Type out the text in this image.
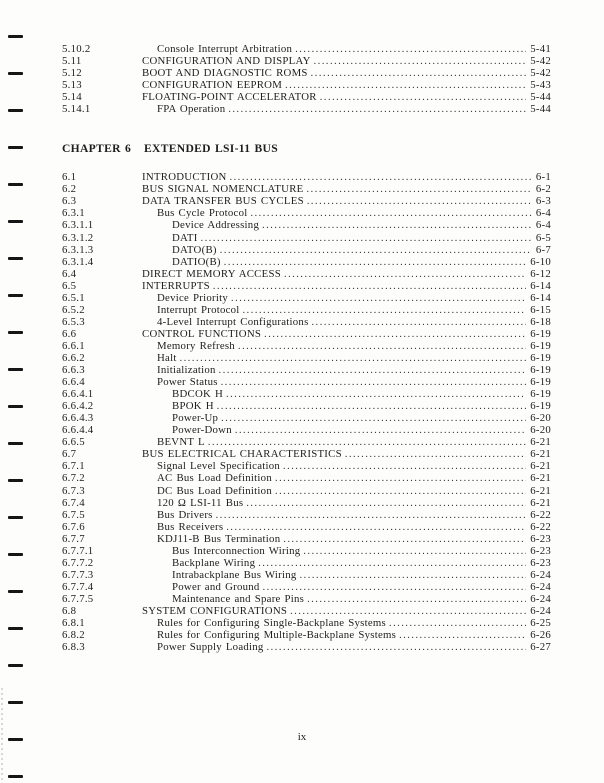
5.10.2	Console Interrupt Arbitration .....	5-41
5.11	CONFIGURATION AND DISPLAY .....	5-42
5.12	BOOT AND DIAGNOSTIC ROMS .....	5-42
5.13	CONFIGURATION EEPROM .....	5-43
5.14	FLOATING-POINT ACCELERATOR .....	5-44
5.14.1	FPA Operation .....	5-44
CHAPTER 6	EXTENDED LSI-11 BUS
6.1	INTRODUCTION .....	6-1
6.2	BUS SIGNAL NOMENCLATURE .....	6-2
6.3	DATA TRANSFER BUS CYCLES .....	6-3
6.3.1	Bus Cycle Protocol .....	6-4
6.3.1.1	Device Addressing .....	6-4
6.3.1.2	DATI .....	6-5
6.3.1.3	DATO(B) .....	6-7
6.3.1.4	DATIO(B) .....	6-10
6.4	DIRECT MEMORY ACCESS .....	6-12
6.5	INTERRUPTS .....	6-14
6.5.1	Device Priority .....	6-14
6.5.2	Interrupt Protocol .....	6-15
6.5.3	4-Level Interrupt Configurations .....	6-18
6.6	CONTROL FUNCTIONS .....	6-19
6.6.1	Memory Refresh .....	6-19
6.6.2	Halt .....	6-19
6.6.3	Initialization .....	6-19
6.6.4	Power Status .....	6-19
6.6.4.1	BDCOK H .....	6-19
6.6.4.2	BPOK H .....	6-19
6.6.4.3	Power-Up .....	6-20
6.6.4.4	Power-Down .....	6-20
6.6.5	BEVNT L .....	6-21
6.7	BUS ELECTRICAL CHARACTERISTICS .....	6-21
6.7.1	Signal Level Specification .....	6-21
6.7.2	AC Bus Load Definition .....	6-21
6.7.3	DC Bus Load Definition .....	6-21
6.7.4	120 Ω LSI-11 Bus .....	6-21
6.7.5	Bus Drivers .....	6-22
6.7.6	Bus Receivers .....	6-22
6.7.7	KDJ11-B Bus Termination .....	6-23
6.7.7.1	Bus Interconnection Wiring .....	6-23
6.7.7.2	Backplane Wiring .....	6-23
6.7.7.3	Intrabackplane Bus Wiring .....	6-24
6.7.7.4	Power and Ground .....	6-24
6.7.7.5	Maintenance and Spare Pins .....	6-24
6.8	SYSTEM CONFIGURATIONS .....	6-24
6.8.1	Rules for Configuring Single-Backplane Systems .....	6-25
6.8.2	Rules for Configuring Multiple-Backplane Systems .....	6-26
6.8.3	Power Supply Loading .....	6-27
ix
